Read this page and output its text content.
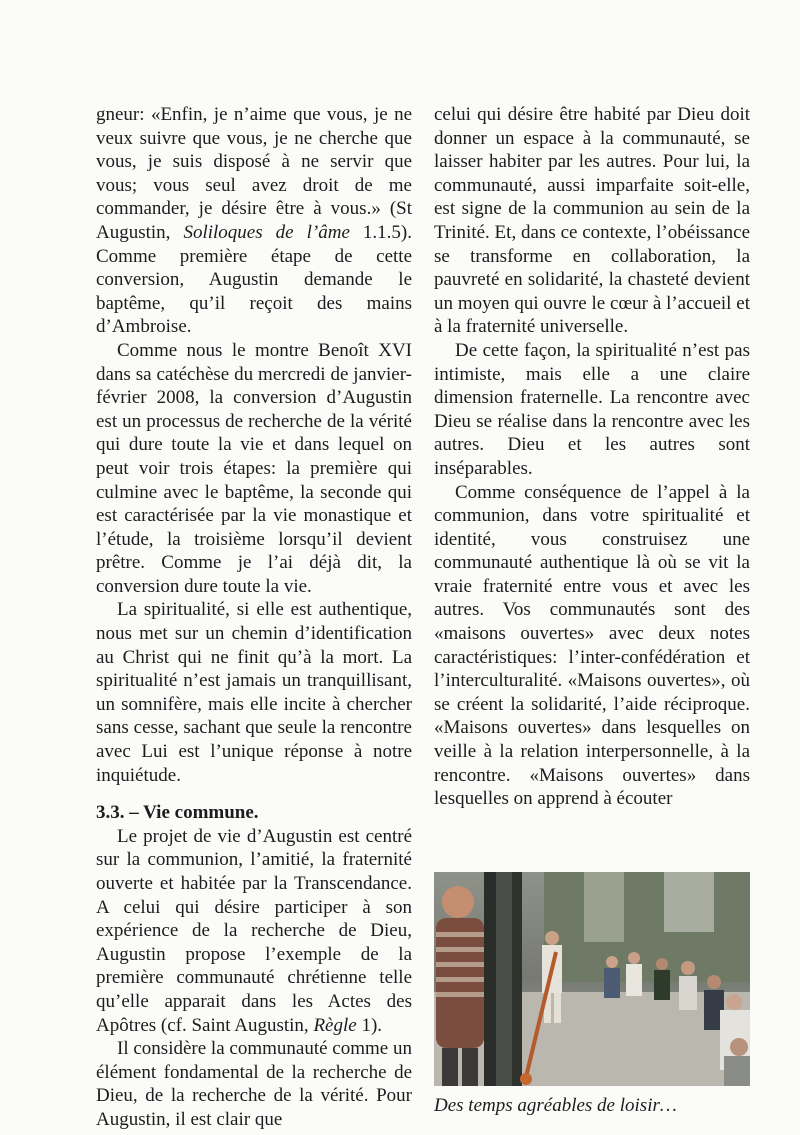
gneur: «Enfin, je n’aime que vous, je ne veux suivre que vous, je ne cherche que vous, je suis disposé à ne servir que vous; vous seul avez droit de me commander, je désire être à vous.» (St Augustin, Soliloques de l’âme 1.1.5). Comme première étape de cette conversion, Augustin demande le baptême, qu’il reçoit des mains d’Ambroise.

Comme nous le montre Benoît XVI dans sa catéchèse du mercredi de janvier-février 2008, la conversion d’Augustin est un processus de recherche de la vérité qui dure toute la vie et dans lequel on peut voir trois étapes: la première qui culmine avec le baptême, la seconde qui est caractérisée par la vie monastique et l’étude, la troisième lorsqu’il devient prêtre. Comme je l’ai déjà dit, la conversion dure toute la vie.

La spiritualité, si elle est authentique, nous met sur un chemin d’identification au Christ qui ne finit qu’à la mort. La spiritualité n’est jamais un tranquillisant, un somnifère, mais elle incite à chercher sans cesse, sachant que seule la rencontre avec Lui est l’unique réponse à notre inquiétude.

3.3. – Vie commune.

Le projet de vie d’Augustin est centré sur la communion, l’amitié, la fraternité ouverte et habitée par la Transcendance. A celui qui désire participer à son expérience de la recherche de Dieu, Augustin propose l’exemple de la première communauté chrétienne telle qu’elle apparait dans les Actes des Apôtres (cf. Saint Augustin, Règle 1).

Il considère la communauté comme un élément fondamental de la recherche de Dieu, de la recherche de la vérité. Pour Augustin, il est clair que

celui qui désire être habité par Dieu doit donner un espace à la communauté, se laisser habiter par les autres. Pour lui, la communauté, aussi imparfaite soit-elle, est signe de la communion au sein de la Trinité. Et, dans ce contexte, l’obéissance se transforme en collaboration, la pauvreté en solidarité, la chasteté devient un moyen qui ouvre le cœur à l’accueil et à la fraternité universelle.

De cette façon, la spiritualité n’est pas intimiste, mais elle a une claire dimension fraternelle. La rencontre avec Dieu se réalise dans la rencontre avec les autres. Dieu et les autres sont inséparables.

Comme conséquence de l’appel à la communion, dans votre spiritualité et identité, vous construisez une communauté authentique là où se vit la vraie fraternité entre vous et avec les autres. Vos communautés sont des «maisons ouvertes» avec deux notes caractéristiques: l’inter-confédération et l’interculturalité. «Maisons ouvertes», où se créent la solidarité, l’aide réciproque. «Maisons ouvertes» dans lesquelles on veille à la relation interpersonnelle, à la rencontre. «Maisons ouvertes» dans lesquelles on apprend à écouter

Des temps agréables de loisir…
